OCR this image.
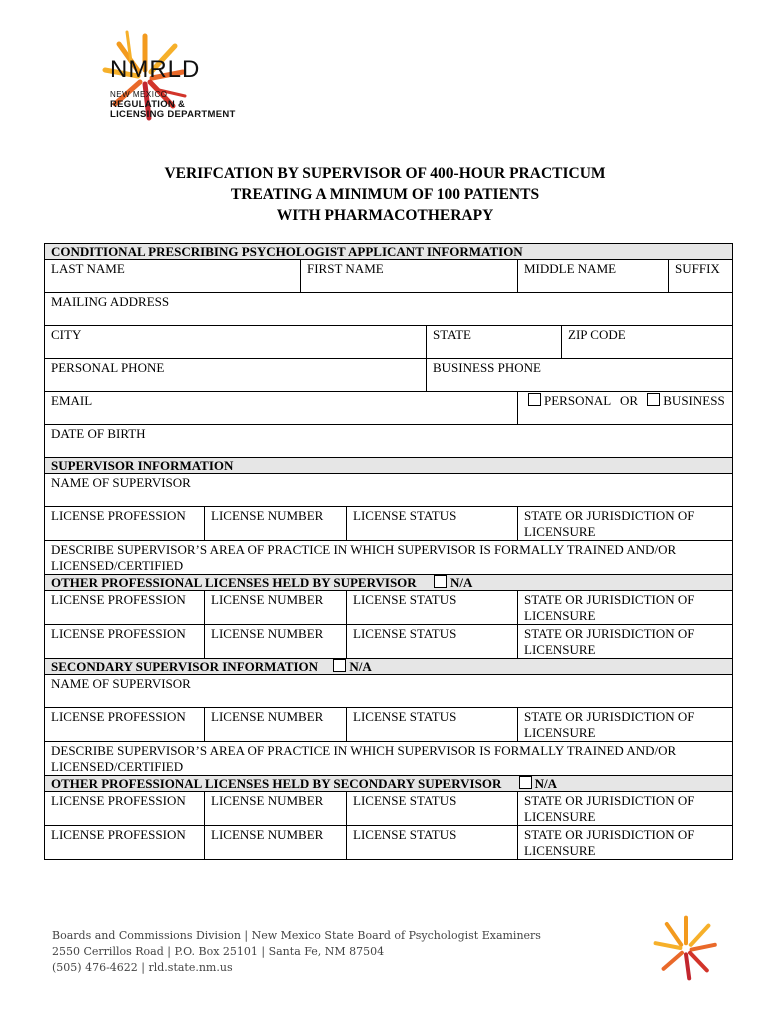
NMRLD
NEW MEXICO
REGULATION &
LICENSING DEPARTMENT
VERIFCATION BY SUPERVISOR OF 400-HOUR PRACTICUM
TREATING A MINIMUM OF 100 PATIENTS
WITH PHARMACOTHERAPY
CONDITIONAL PRESCRIBING PSYCHOLOGIST APPLICANT INFORMATION							
LAST NAME		FIRST NAME			MIDDLE NAME		SUFFIX
MAILING ADDRESS							
CITY				STATE		ZIP CODE	
PERSONAL PHONE				BUSINESS PHONE			
EMAIL					PERSONAL OR BUSINESS		
DATE OF BIRTH							
SUPERVISOR INFORMATION							
NAME OF SUPERVISOR							
LICENSE PROFESSION	LICENSE NUMBER		LICENSE STATUS		STATE OR JURISDICTION OF LICENSURE		
DESCRIBE SUPERVISOR’S AREA OF PRACTICE IN WHICH SUPERVISOR IS FORMALLY TRAINED AND/OR LICENSED/CERTIFIED							
OTHER PROFESSIONAL LICENSES HELD BY SUPERVISOR N/A							
LICENSE PROFESSION	LICENSE NUMBER		LICENSE STATUS		STATE OR JURISDICTION OF LICENSURE		
LICENSE PROFESSION	LICENSE NUMBER		LICENSE STATUS		STATE OR JURISDICTION OF LICENSURE		
SECONDARY SUPERVISOR INFORMATION N/A							
NAME OF SUPERVISOR							
LICENSE PROFESSION	LICENSE NUMBER		LICENSE STATUS		STATE OR JURISDICTION OF LICENSURE		
DESCRIBE SUPERVISOR’S AREA OF PRACTICE IN WHICH SUPERVISOR IS FORMALLY TRAINED AND/OR LICENSED/CERTIFIED							
OTHER PROFESSIONAL LICENSES HELD BY SECONDARY SUPERVISOR N/A							
LICENSE PROFESSION	LICENSE NUMBER		LICENSE STATUS		STATE OR JURISDICTION OF LICENSURE		
LICENSE PROFESSION	LICENSE NUMBER		LICENSE STATUS		STATE OR JURISDICTION OF LICENSURE		
Boards and Commissions Division | New Mexico State Board of Psychologist Examiners
2550 Cerrillos Road | P.O. Box 25101 | Santa Fe, NM 87504
(505) 476-4622 | rld.state.nm.us
